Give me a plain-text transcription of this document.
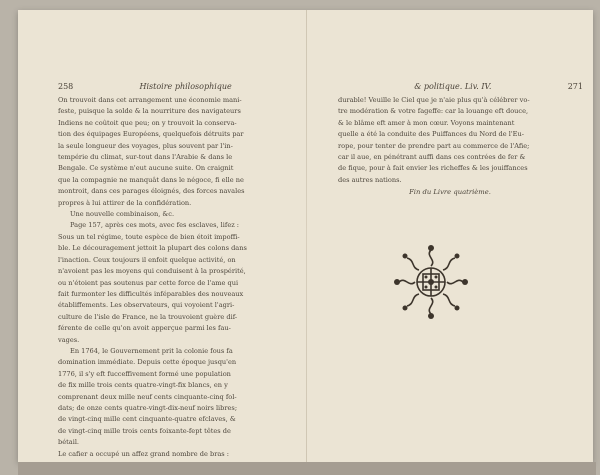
258	Histoire philosophique
On trouvoit dans cet arrangement une économie mani-
feste, puisque la solde & la nourriture des navigateurs
Indiens ne coûtoit que peu; on y trouvoit la conserva-
tion des équipages Européens, quelquefois détruits par
la seule longueur des voyages, plus souvent par l'in-
tempérie du climat, sur-tout dans l'Arabie & dans le
Bengale. Ce système n'eut aucune suite. On craignit
que la compagnie ne manquât dans le négoce, fi elle ne
montroit, dans ces parages éloignés, des forces navales
propres à lui attirer de la confidération.
Une nouvelle combinaison, &c.
Page 157, après ces mots, avec fes esclaves, lifez :
Sous un tel régime, toute espèce de bien étoit impoffi-
ble. Le découragement jettoit la plupart des colons dans
l'inaction. Ceux toujours il enfoit quelque activité, on
n'avoient pas les moyens qui conduisent à la prospérité,
ou n'étoient pas soutenus par cette force de l'ame qui
fait furmonter les difficultés inféparables des nouveaux
établiffements. Les observateurs, qui voyoient l'agri-
culture de l'isle de France, ne la trouvoient guère dif-
férente de celle qu'on avoit apperçue parmi les fau-
vages.
En 1764, le Gouvernement prit la colonie fous fa
domination immédiate. Depuis cette époque jusqu'en
1776, il s'y eft fucceffivement formé une population
de fix mille trois cents quatre-vingt-fix blancs, en y
comprenant deux mille neuf cents cinquante-cinq fol-
dats; de onze cents quatre-vingt-dix-neuf noirs libres;
de vingt-cinq mille cent cinquante-quatre efclaves, &
de vingt-cinq mille trois cents foixante-fept têtes de
bétail.
Le cafier a occupé un affez grand nombre de bras :
& politique. Liv. IV.	271
durable! Veuille le Ciel que je n'aie plus qu'à célébrer vo-
tre modération & votre fageffe: car la louange eft douce,
& le blâme eft amer à mon cœur. Voyons maintenant
quelle a été la conduite des Puiffances du Nord de l'Eu-
rope, pour tenter de prendre part au commerce de l'Afie;
car il aue, en pénétrant auffi dans ces contrées de fer &
de fique, pour à fait envier les richeffes & les jouiffances
des autres nations.
Fin du Livre quatrième.
